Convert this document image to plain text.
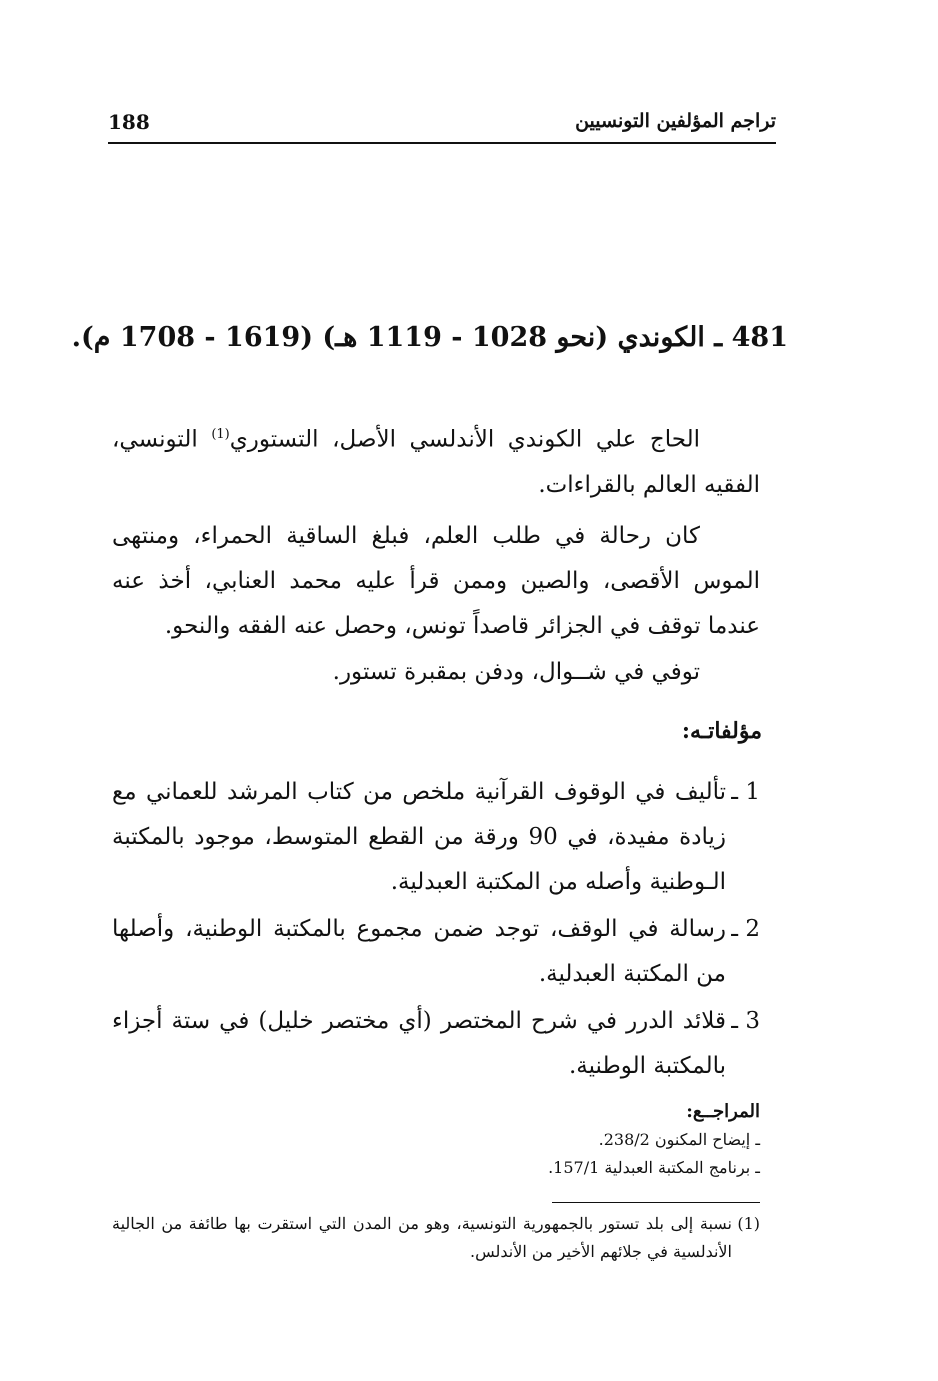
تراجم المؤلفين التونسيين
188
481 ـ الكوندي (نحو 1028 - 1119 هـ) (1619 - 1708 م).

الحاج علي الكوندي الأندلسي الأصل، التستوري$^{(1)}$ التونسي، الفقيه العالم بالقراءات.

كان رحالة في طلب العلم، فبلغ الساقية الحمراء، ومنتهى الموس الأقصى، والصين وممن قرأ عليه محمد العنابي، أخذ عنه عندما توقف في الجزائر قاصداً تونس، وحصل عنه الفقه والنحو.

توفي في شــوال، ودفن بمقبرة تستور.

مؤلفاتـه:
1 ـ
تأليف في الوقوف القرآنية ملخص من كتاب المرشد للعماني مع زيادة مفيدة، في 90 ورقة من القطع المتوسط، موجود بالمكتبة الـوطنية وأصله من المكتبة العبدلية.
2 ـ
رسالة في الوقف، توجد ضمن مجموع بالمكتبة الوطنية، وأصلها من المكتبة العبدلية.
3 ـ
قلائد الدرر في شرح المختصر (أي مختصر خليل) في ستة أجزاء بالمكتبة الوطنية.
المراجــع:
ـ إيضاح المكنون 238/2.
ـ برنامج المكتبة العبدلية 157/1.
(1)
نسبة إلى بلد تستور بالجمهورية التونسية، وهو من المدن التي استقرت بها طائفة من الجالية الأندلسية في جلائهم الأخير من الأندلس.
